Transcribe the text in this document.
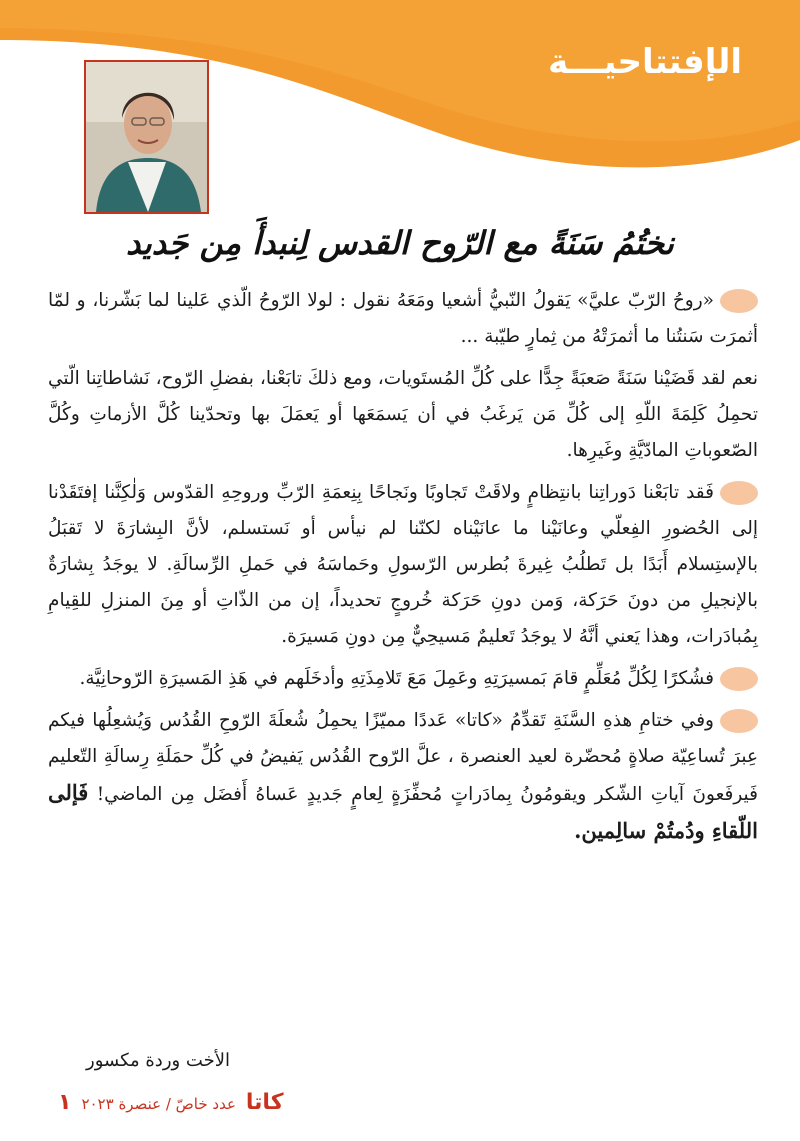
الإفتتاحيـــة
نختُمُ سَنَةً مع الرّوح القدس لِنبدأَ مِن جَديد

«روحُ الرّبّ عليَّ» يَقولُ النّبيُّ أشعيا ومَعَهُ نقول : لولا الرّوحُ الّذي عَلينا لما بَشّرنا، و لمّا أثمرَت سَنتُنا ما أثمرَتْهُ من ثِمارٍ طيّبة ...

نعم لقد قَضَيْنا سَنَةً صَعبَةً جِدًّا على كُلِّ المُستَويات، ومع ذلكَ تابَعْنا، بفضلِ الرّوح، نَشاطاتِنا الّتي تحمِلُ كَلِمَةَ اللّهِ إلى كُلِّ مَن يَرغَبُ في أن يَسمَعَها أو يَعمَلَ بها وتحدّينا كُلَّ الأزماتِ وكُلَّ الصّعوباتِ المادّيَّةِ وغَيرِها.

فَقد تابَعْنا دَوراتِنا بانتِظامٍ ولاقَتْ تَجاوبًا ونَجاحًا بِنِعمَةِ الرّبِّ وروحِهِ القدّوس وَلٰكِنَّنا إفتَقَدْنا إلى الحُضورِ الفِعلّي وعانَيْنا ما عانَيْناه لكنّنا لم نيأس أو نَستسلم، لأنَّ البِشارَةَ لا تَقبَلُ بالإستِسلام أَبَدًا بل تَطلُبُ غِيرةَ بُطرس الرّسولِ وحَماسَهُ في حَملِ الرِّسالَةِ. لا يوجَدُ بِشارَةٌ بالإنجيلِ من دونَ حَرَكة، وَمن دونِ حَرَكة خُروجٍ تحديداً، إن من الذّاتِ أو مِنَ المنزلِ للقِيامِ بِمُبادَرات، وهذا يَعني أنَّهُ لا يوجَدُ تَعليمٌ مَسيحِيٌّ مِن دونِ مَسيرَة.

فشُكرًا لِكُلِّ مُعَلِّمٍ قامَ بَمسيرَتِهِ وعَمِلَ مَعَ تَلامِذَتِهِ وأدخَلَهم في هَذِ المَسيرَةِ الرّوحانِيَّة.

وفي ختامِ هذهِ السَّنَةِ تَقدِّمُ «كاتا» عَددًا مميّزًا يحمِلُ شُعلَةَ الرّوحِ القُدُس وَيُشعِلُها فيكم عِبرَ تُساعِيّة صلاةٍ مُحضّرة لعيد العنصرة ، علَّ الرّوح القُدُس يَفيضُ في كُلِّ حمَلَةِ رِسالَةِ التّعليم فَيرفَعونَ آياتِ الشّكر ويقومُونُ بِمادَراتٍ مُحفِّزَةٍ لِعامٍ جَديدٍ عَساهُ أَفضَل مِن الماضي! فَإلى اللّقاءِ ودُمتُمْ سالِمين.

الأخت وردة مكسور
١ عدد خاصّ / عنصرة ٢٠٢٣ كاتا
